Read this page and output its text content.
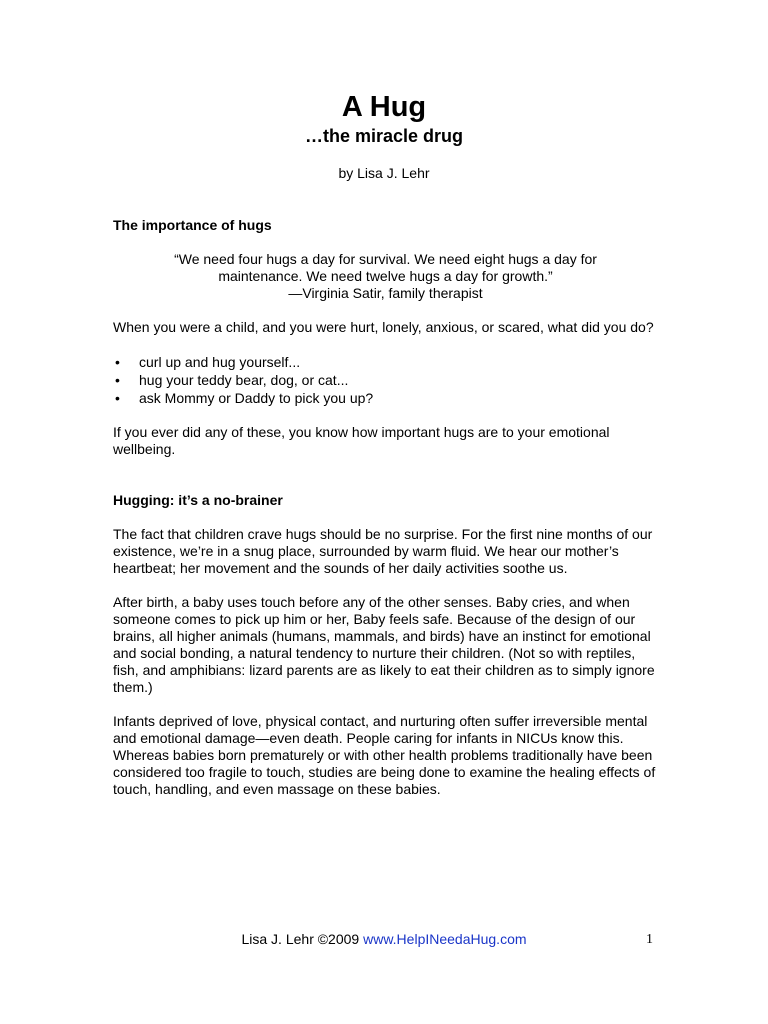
A Hug
…the miracle drug
by Lisa J. Lehr

The importance of hugs

“We need four hugs a day for survival. We need eight hugs a day for
maintenance. We need twelve hugs a day for growth.”
—Virginia Satir, family therapist

When you were a child, and you were hurt, lonely, anxious, or scared, what did you do?

• curl up and hug yourself...
• hug your teddy bear, dog, or cat...
• ask Mommy or Daddy to pick you up?

If you ever did any of these, you know how important hugs are to your emotional wellbeing.

Hugging: it’s a no-brainer

The fact that children crave hugs should be no surprise. For the first nine months of our existence, we’re in a snug place, surrounded by warm fluid. We hear our mother’s heartbeat; her movement and the sounds of her daily activities soothe us.

After birth, a baby uses touch before any of the other senses. Baby cries, and when someone comes to pick up him or her, Baby feels safe. Because of the design of our brains, all higher animals (humans, mammals, and birds) have an instinct for emotional and social bonding, a natural tendency to nurture their children. (Not so with reptiles, fish, and amphibians: lizard parents are as likely to eat their children as to simply ignore them.)

Infants deprived of love, physical contact, and nurturing often suffer irreversible mental and emotional damage—even death. People caring for infants in NICUs know this. Whereas babies born prematurely or with other health problems traditionally have been considered too fragile to touch, studies are being done to examine the healing effects of touch, handling, and even massage on these babies.

Lisa J. Lehr ©2009 www.HelpINeedaHug.com	1
